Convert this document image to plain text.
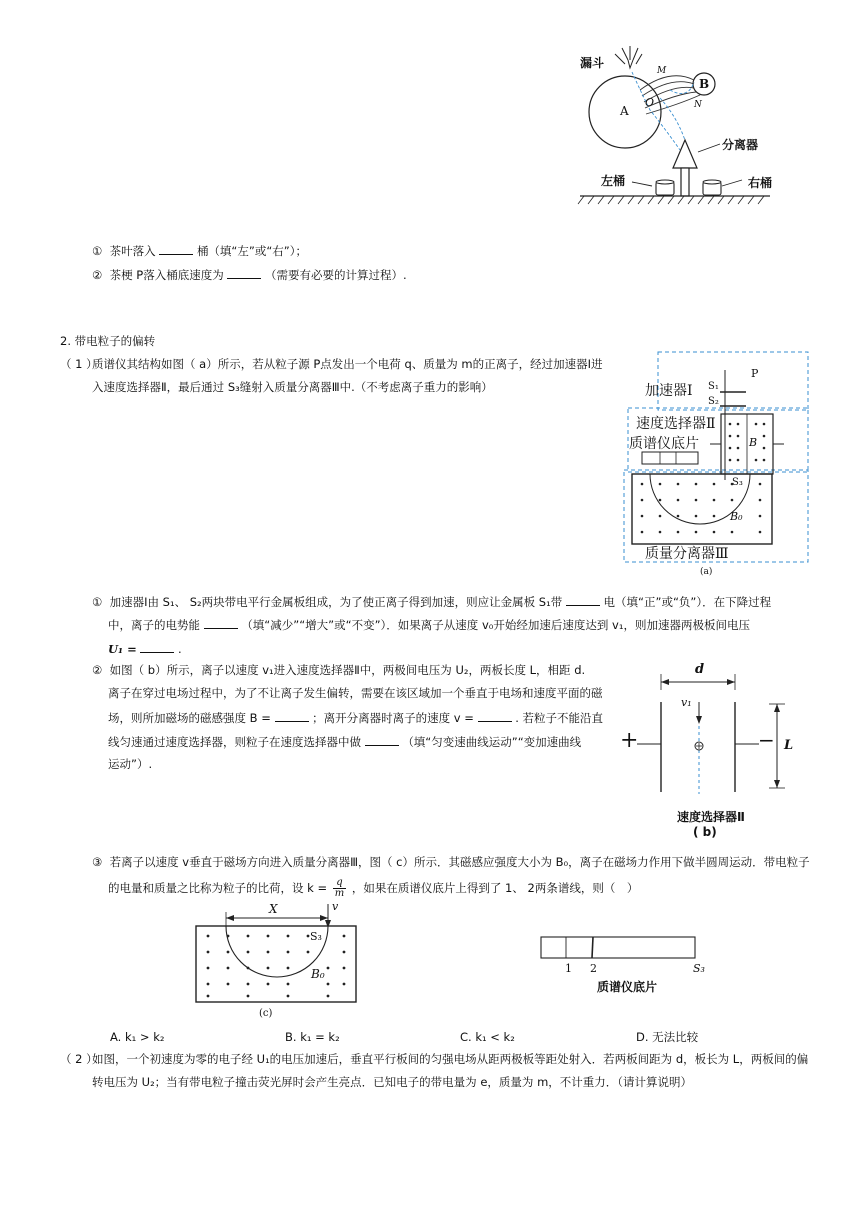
漏斗
A
B
O
M
N
分离器
左桶	右桶
① 茶叶落入	桶（填“左”或“右”）；
② 茶梗 P落入桶底速度为	（需要有必要的计算过程）.
2. 带电粒子的偏转
（ 1 ）
质谱仪其结构如图（ a）所示，若从粒子源 P点发出一个电荷 q、质量为 m的正离子，经过加速器Ⅰ进
入速度选择器Ⅱ，最后通过 S₃缝射入质量分离器Ⅲ中.（不考虑离子重力的影响）
P
加速器Ⅰ S₁
S₂
速度选择器Ⅱ
质谱仪底片	B
S₃
B₀
质量分离器Ⅲ
(a)
① 加速器Ⅰ由 S₁、 S₂两块带电平行金属板组成，为了使正离子得到加速，则应让金属板 S₁带	电（填“正”或“负”）．在下降过程
中，离子的电势能	（填“减少”“增大”或“不变”）．如果离子从速度 v₀开始经加速后速度达到 v₁，则加速器两极板间电压
U₁ =	.
② 如图（ b）所示，离子以速度 v₁进入速度选择器Ⅱ中，两极间电压为 U₂，两板长度 L，相距 d.
离子在穿过电场过程中，为了不让离子发生偏转，需要在该区域加一个垂直于电场和速度平面的磁
场，则所加磁场的磁感强度 B =	；离开分离器时离子的速度 v =	. 若粒子不能沿直
线匀速通过速度选择器，则粒子在速度选择器中做	（填“匀变速曲线运动”“变加速曲线
运动”）.
d
v₁
+	− L
速度选择器Ⅱ
( b)
③ 若离子以速度 v垂直于磁场方向进入质量分离器Ⅲ，图（ c）所示．其磁感应强度大小为 B₀，离子在磁场力作用下做半圆周运动．带电粒子
的电量和质量之比称为粒子的比荷，设 $k = \frac{q}{m}$ ，如果在质谱仪底片上得到了 1、 2两条谱线，则（　）
X	v
S₃
B₀
(c)
1 2	S₃
质谱仪底片
A. k₁ > k₂	B. k₁ = k₂	C. k₁ < k₂	D. 无法比较
（ 2 ）
如图，一个初速度为零的电子经 U₁的电压加速后，垂直平行板间的匀强电场从距两极板等距处射入．若两板间距为 d，板长为 L，两板间的偏
转电压为 U₂；当有带电粒子撞击荧光屏时会产生亮点．已知电子的带电量为 e，质量为 m，不计重力．（请计算说明）
